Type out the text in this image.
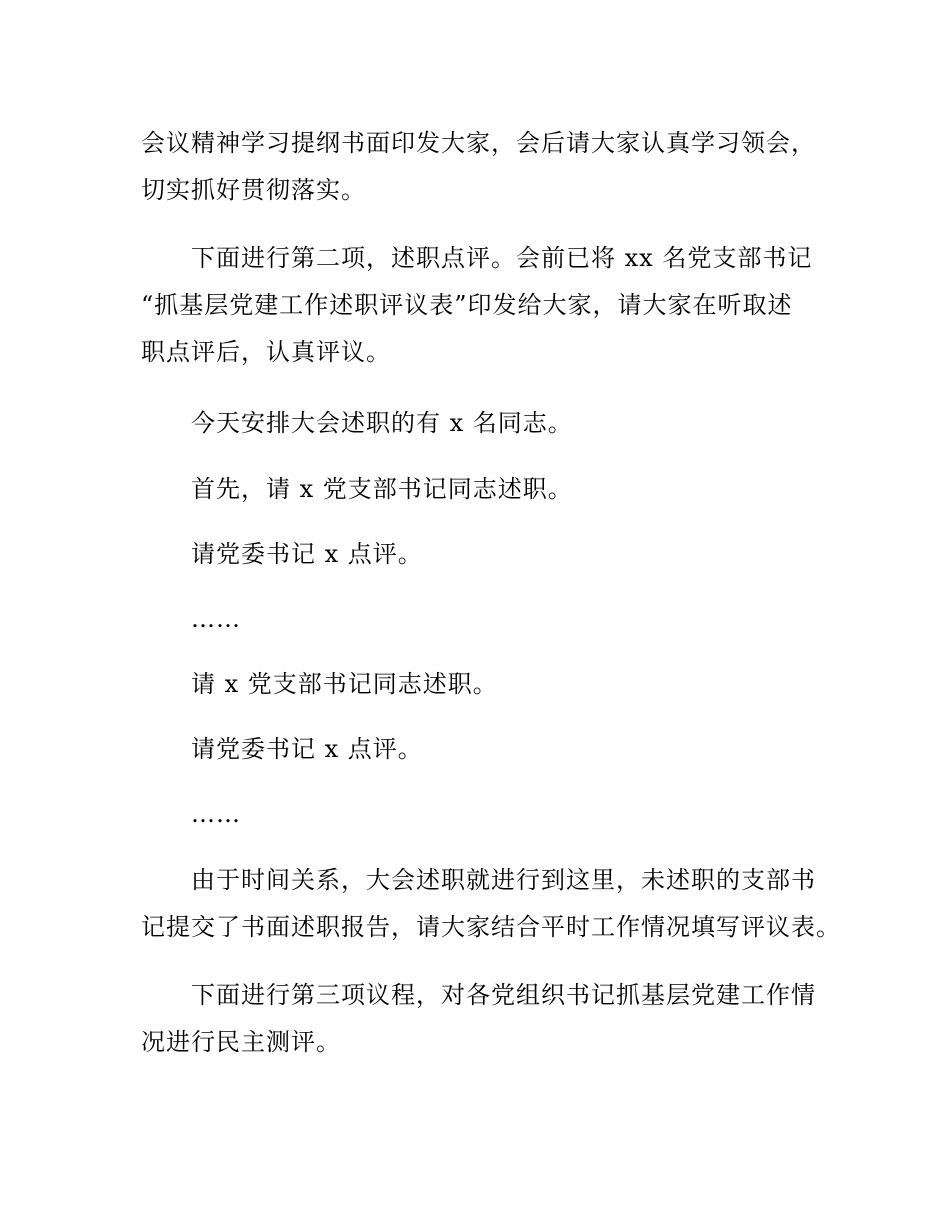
会议精神学习提纲书面印发大家，会后请大家认真学习领会，
切实抓好贯彻落实。

下面进行第二项，述职点评。会前已将 xx 名党支部书记
“抓基层党建工作述职评议表”印发给大家，请大家在听取述
职点评后，认真评议。

今天安排大会述职的有 x 名同志。

首先，请 x 党支部书记同志述职。

请党委书记 x 点评。

……

请 x 党支部书记同志述职。

请党委书记 x 点评。

……

由于时间关系，大会述职就进行到这里，未述职的支部书
记提交了书面述职报告，请大家结合平时工作情况填写评议表。

下面进行第三项议程，对各党组织书记抓基层党建工作情
况进行民主测评。
